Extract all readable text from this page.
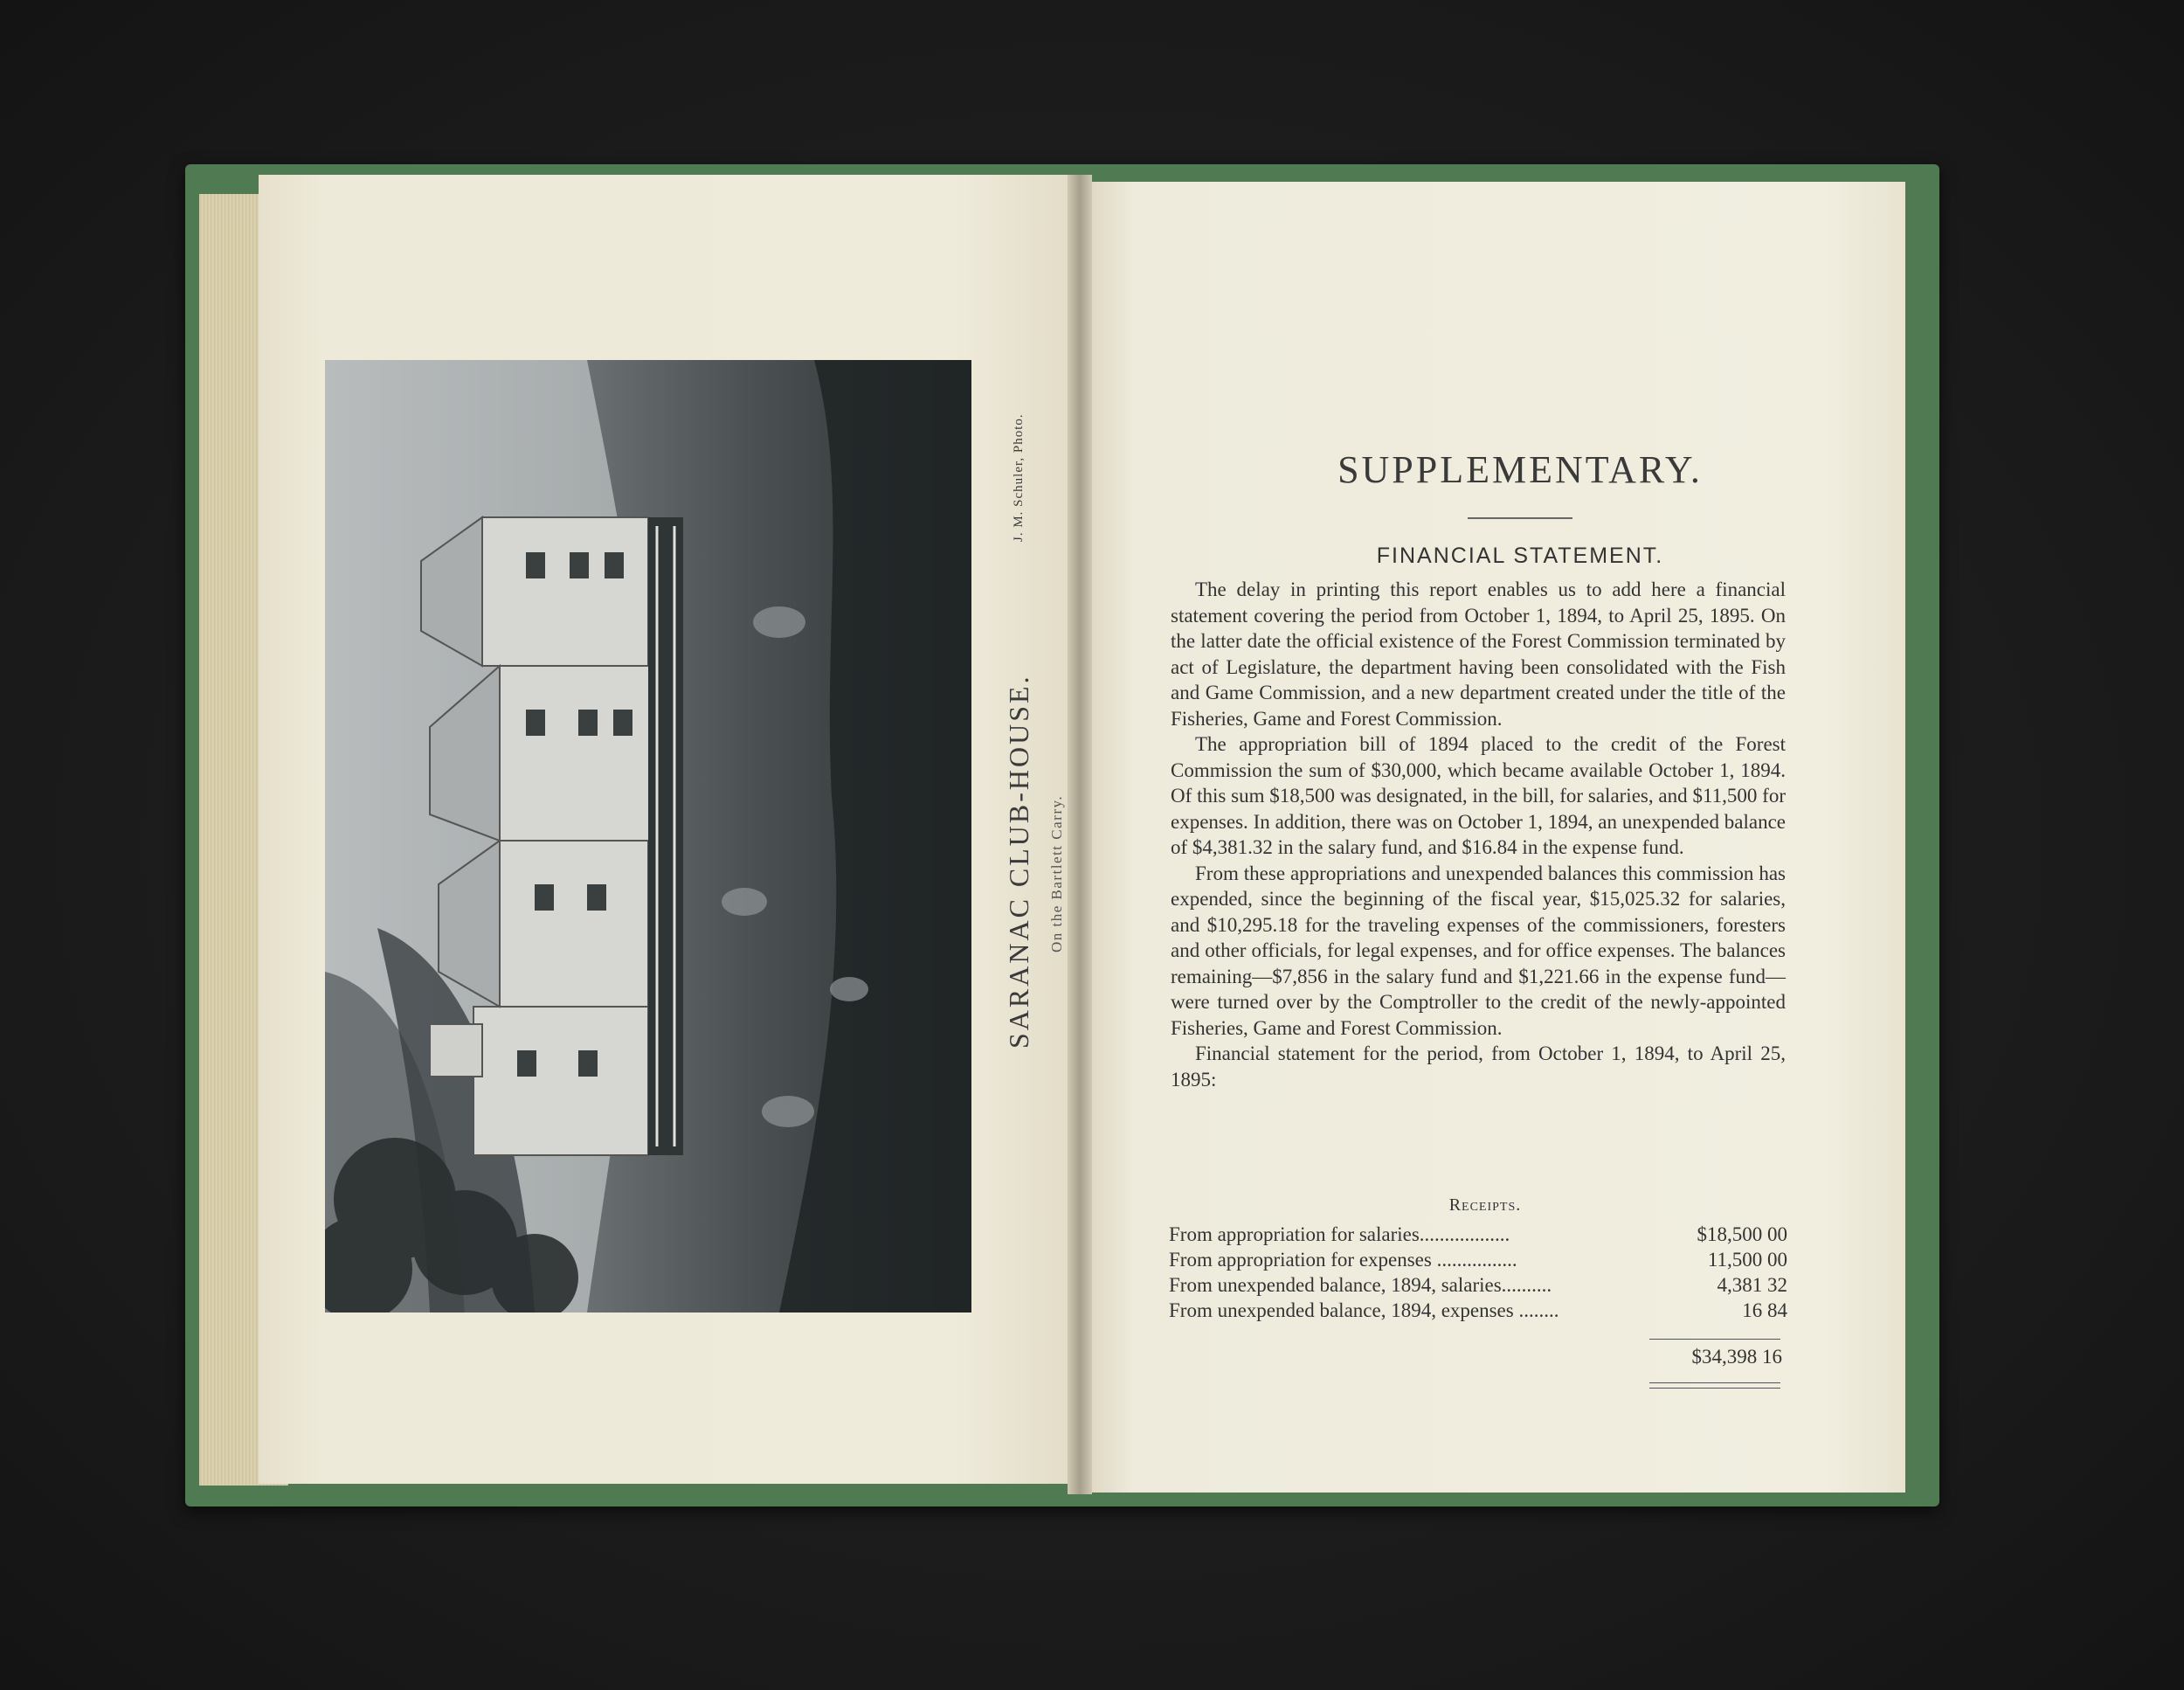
J. M. Schuler, Photo.
SARANAC CLUB-HOUSE. On the Bartlett Carry.
SUPPLEMENTARY.
FINANCIAL STATEMENT.

The delay in printing this report enables us to add here a financial statement covering the period from October 1, 1894, to April 25, 1895. On the latter date the official existence of the Forest Commission terminated by act of Legislature, the department having been consolidated with the Fish and Game Commission, and a new department created under the title of the Fisheries, Game and Forest Commission.

The appropriation bill of 1894 placed to the credit of the Forest Commission the sum of $30,000, which became available October 1, 1894. Of this sum $18,500 was designated, in the bill, for salaries, and $11,500 for expenses. In addition, there was on October 1, 1894, an unexpended balance of $4,381.32 in the salary fund, and $16.84 in the expense fund.

From these appropriations and unexpended balances this commission has expended, since the beginning of the fiscal year, $15,025.32 for salaries, and $10,295.18 for the traveling expenses of the commissioners, foresters and other officials, for legal expenses, and for office expenses. The balances remaining—$7,856 in the salary fund and $1,221.66 in the expense fund—were turned over by the Comptroller to the credit of the newly-appointed Fisheries, Game and Forest Commission.

Financial statement for the period, from October 1, 1894, to April 25, 1895:

Receipts.
From appropriation for salaries..................	$18,500 00
From appropriation for expenses ................	11,500 00
From unexpended balance, 1894, salaries..........	4,381 32
From unexpended balance, 1894, expenses ........	16 84
$34,398 16
